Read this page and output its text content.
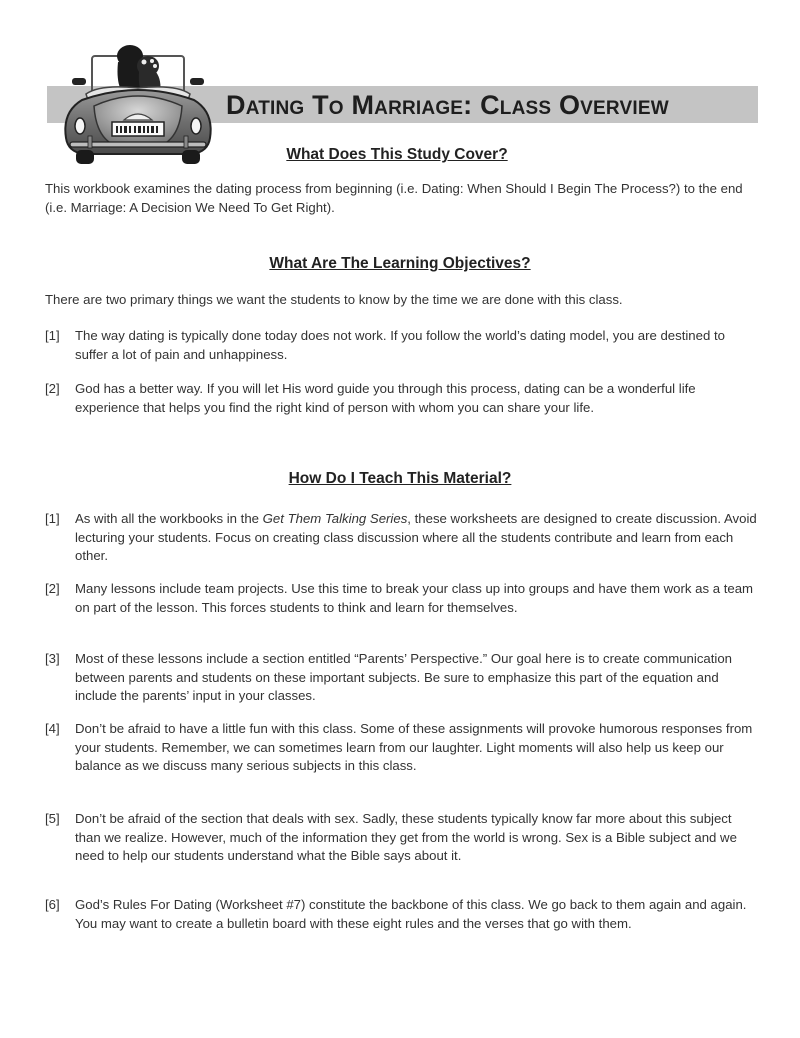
Dating To Marriage: Class Overview
What Does This Study Cover?
This workbook examines the dating process from beginning (i.e. Dating: When Should I Begin The Process?) to the end (i.e. Marriage: A Decision We Need To Get Right).
What Are The Learning Objectives?
There are two primary things we want the students to know by the time we are done with this class.
[1]	The way dating is typically done today does not work. If you follow the world’s dating model, you are destined to suffer a lot of pain and unhappiness.
[2]	God has a better way. If you will let His word guide you through this process, dating can be a wonderful life experience that helps you find the right kind of person with whom you can share your life.
How Do I Teach This Material?
[1]	As with all the workbooks in the Get Them Talking Series, these worksheets are designed to create discussion. Avoid lecturing your students. Focus on creating class discussion where all the students contribute and learn from each other.
[2]	Many lessons include team projects. Use this time to break your class up into groups and have them work as a team on part of the lesson. This forces students to think and learn for themselves.
[3]	Most of these lessons include a section entitled “Parents’ Perspective.” Our goal here is to create communication between parents and students on these important subjects. Be sure to emphasize this part of the equation and include the parents’ input in your classes.
[4]	Don’t be afraid to have a little fun with this class. Some of these assignments will provoke humorous responses from your students. Remember, we can sometimes learn from our laughter. Light moments will also help us keep our balance as we discuss many serious subjects in this class.
[5]	Don’t be afraid of the section that deals with sex. Sadly, these students typically know far more about this subject than we realize. However, much of the information they get from the world is wrong. Sex is a Bible subject and we need to help our students understand what the Bible says about it.
[6]	God’s Rules For Dating (Worksheet #7) constitute the backbone of this class. We go back to them again and again. You may want to create a bulletin board with these eight rules and the verses that go with them.
